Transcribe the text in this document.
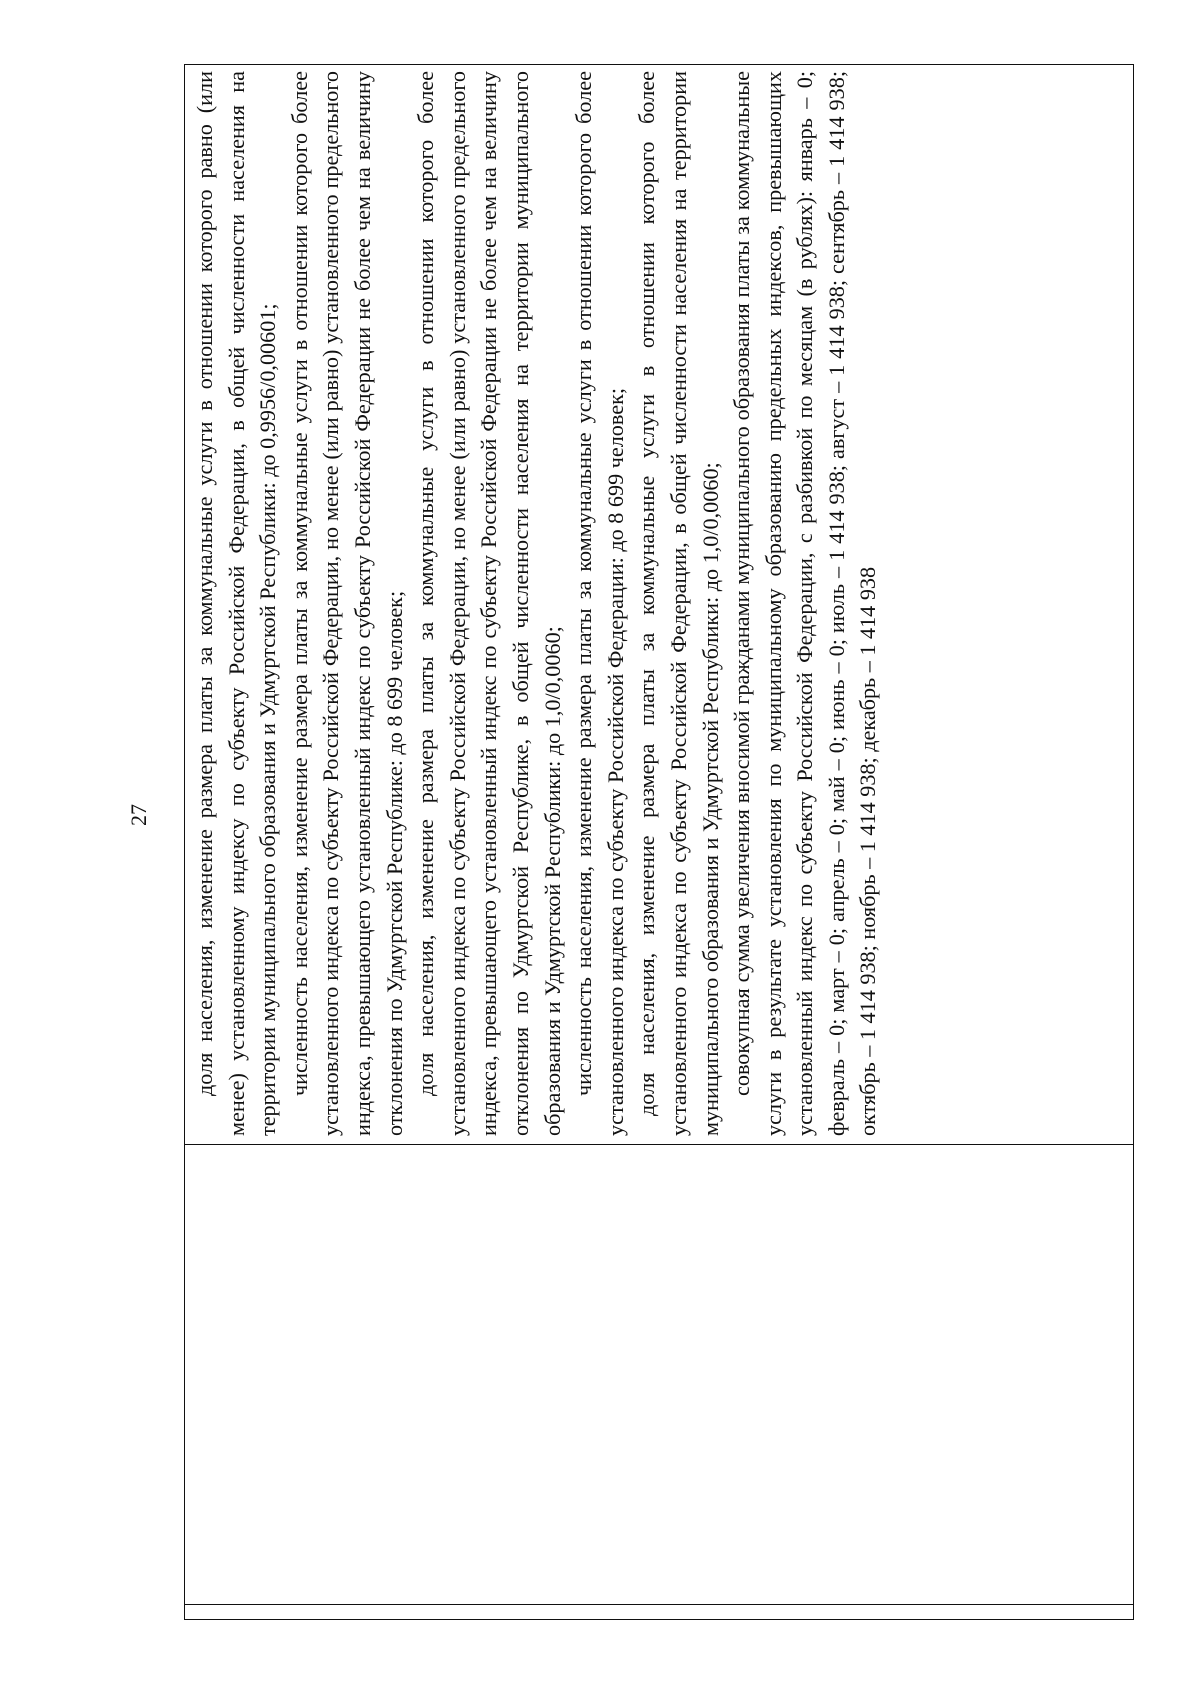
27
		доля населения, изменение размера платы за коммунальные услуги в отношении которого равно (или менее) установленному индексу по субъекту Российской Федерации, в общей численности населения на территории муниципального образования и Удмуртской Республики: до 0,9956/0,00601; численность населения, изменение размера платы за коммунальные услуги в отношении которого более установленного индекса по субъекту Российской Федерации, но менее (или равно) установленного предельного индекса, превышающего установленный индекс по субъекту Российской Федерации не более чем на величину отклонения по Удмуртской Республике: до 8 699 человек; доля населения, изменение размера платы за коммунальные услуги в отношении которого более установленного индекса по субъекту Российской Федерации, но менее (или равно) установленного предельного индекса, превышающего установленный индекс по субъекту Российской Федерации не более чем на величину отклонения по Удмуртской Республике, в общей численности населения на территории муниципального образования и Удмуртской Республики: до 1,0/0,0060; численность населения, изменение размера платы за коммунальные услуги в отношении которого более установленного индекса по субъекту Российской Федерации: до 8 699 человек; доля населения, изменение размера платы за коммунальные услуги в отношении которого более установленного индекса по субъекту Российской Федерации, в общей численности населения на территории муниципального образования и Удмуртской Республики: до 1,0/0,0060; совокупная сумма увеличения вносимой гражданами муниципального образования платы за коммунальные услуги в результате установления по муниципальному образованию предельных индексов, превышающих установленный индекс по субъекту Российской Федерации, с разбивкой по месяцам (в рублях): январь – 0; февраль – 0; март – 0; апрель – 0; май – 0; июнь – 0; июль – 1 414 938; август – 1 414 938; сентябрь – 1 414 938; октябрь – 1 414 938; ноябрь – 1 414 938; декабрь – 1 414 938
